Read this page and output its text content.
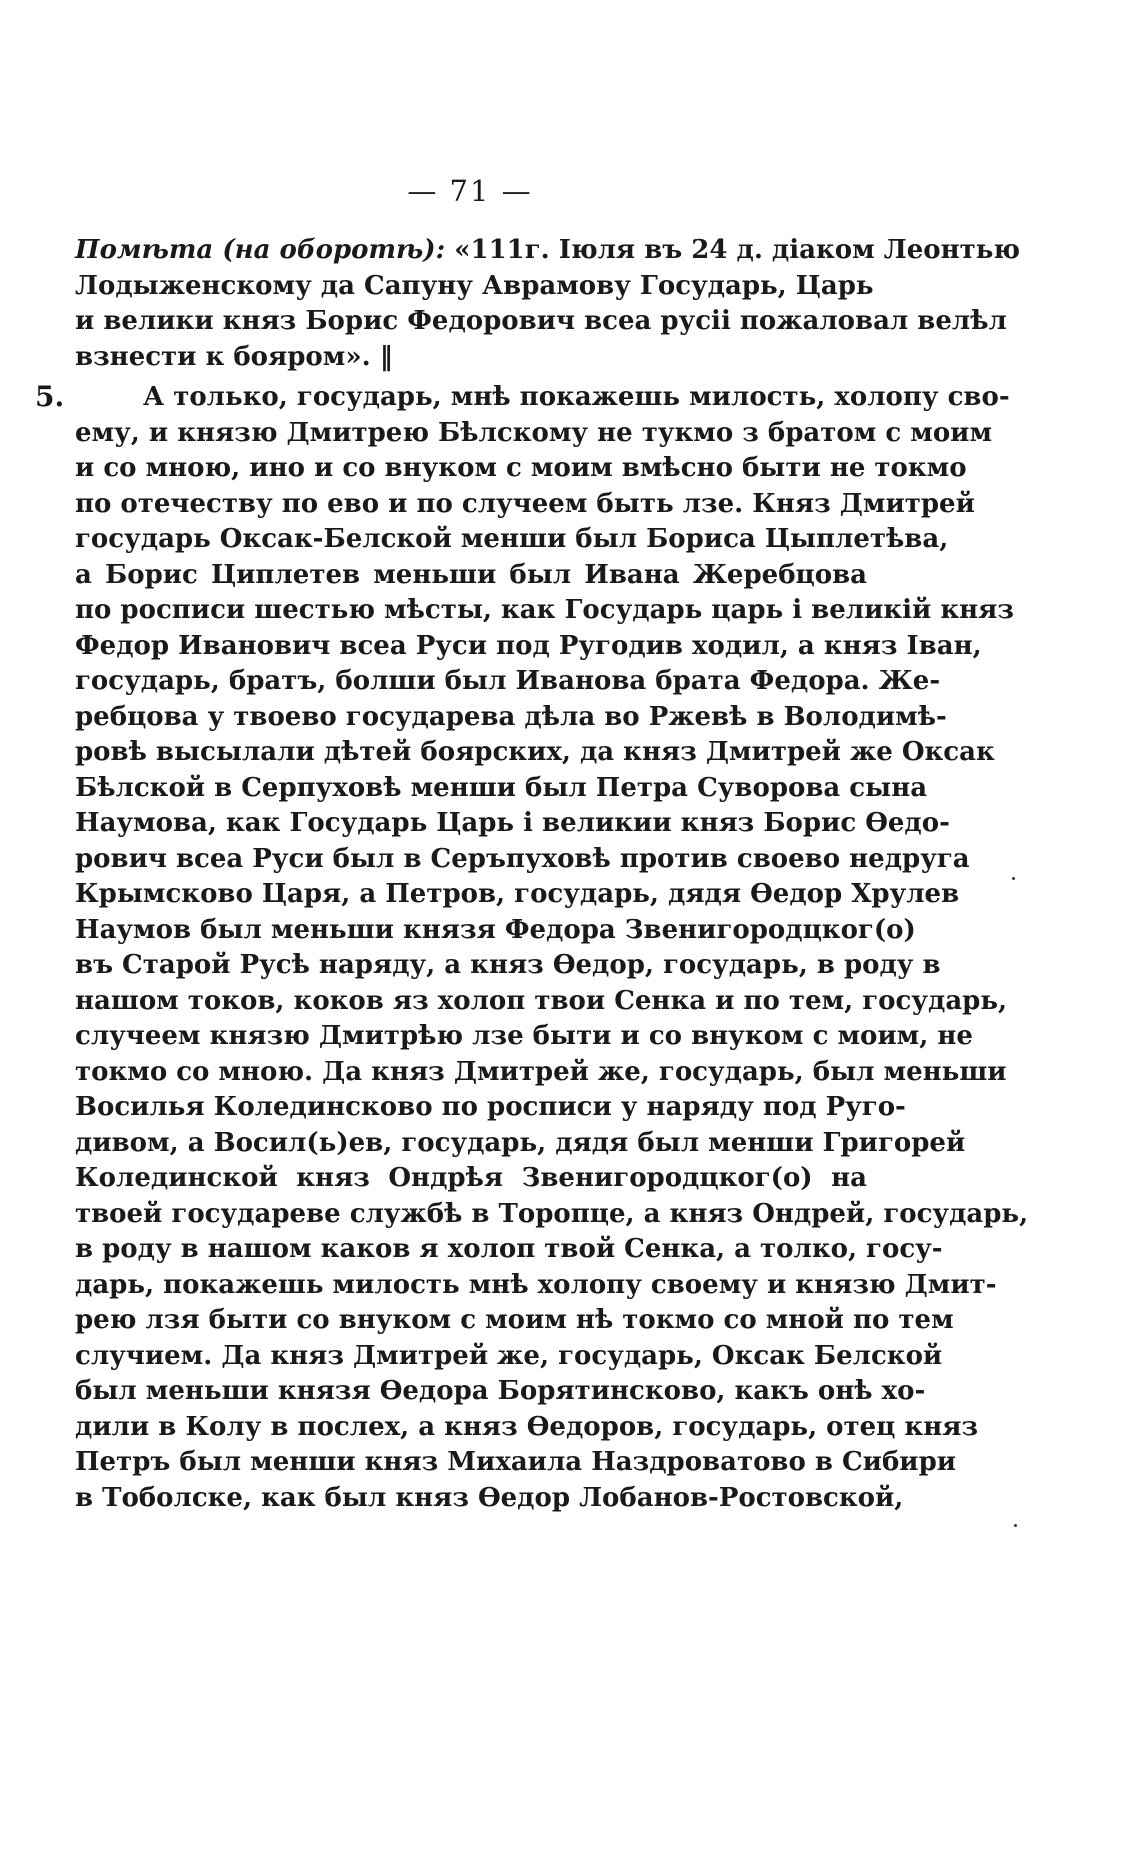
— 71 —
Помѣта (на оборотѣ): «111г. Іюля въ 24 д. діаком Леонтью
Лодыженскому да Сапуну Аврамову Государь, Царь
и велики княз Борис Федорович всеа русіі пожаловал велѣл
взнести к бояром». ‖
5.	А только, государь, мнѣ покажешь милость, холопу сво-
ему, и князю Дмитрею Бѣлскому не тукмо з братом с моим
и со мною, ино и со внуком с моим вмѣсно быти не токмо
по отечеству по ево и по случеем быть лзе. Княз Дмитрей
государь Оксак-Белской менши был Бориса Цыплетѣва,
а Борис Циплетев меньши был Ивана Жеребцова
по росписи шестью мѣсты, как Государь царь і великій княз
Федор Иванович всеа Руси под Ругодив ходил, а княз Іван,
государь, братъ, болши был Иванова брата Федора. Же-
ребцова у твоево государева дѣла во Ржевѣ в Володимѣ-
ровѣ высылали дѣтей боярских, да княз Дмитрей же Оксак
Бѣлской в Серпуховѣ менши был Петра Суворова сына
Наумова, как Государь Царь і великии княз Борис Ѳедо-
рович всеа Руси был в Серъпуховѣ против своево недруга
Крымсково Царя, а Петров, государь, дядя Ѳедор Хрулев
Наумов был меньши князя Федора Звенигородцког(о)
въ Старой Русѣ наряду, а княз Ѳедор, государь, в роду в
нашом токов, коков яз холоп твои Сенка и по тем, государь,
случеем князю Дмитрѣю лзе быти и со внуком с моим, не
токмо со мною. Да княз Дмитрей же, государь, был меньши
Восилья Колединсково по росписи у наряду под Руго-
дивом, а Восил(ь)ев, государь, дядя был менши Григорей
Колединской княз Ондрѣя Звенигородцког(о) на
твоей государеве службѣ в Торопце, а княз Ондрей, государь,
в роду в нашом каков я холоп твой Сенка, а толко, госу-
дарь, покажешь милость мнѣ холопу своему и князю Дмит-
рею лзя быти со внуком с моим нѣ токмо со мной по тем
случием. Да княз Дмитрей же, государь, Оксак Белской
был меньши князя Ѳедора Борятинсково, какъ онѣ хо-
дили в Колу в послех, а княз Ѳедоров, государь, отец княз
Петръ был менши княз Михаила Наздроватово в Сибири
в Тоболске, как был княз Ѳедор Лобанов-Ростовской,
